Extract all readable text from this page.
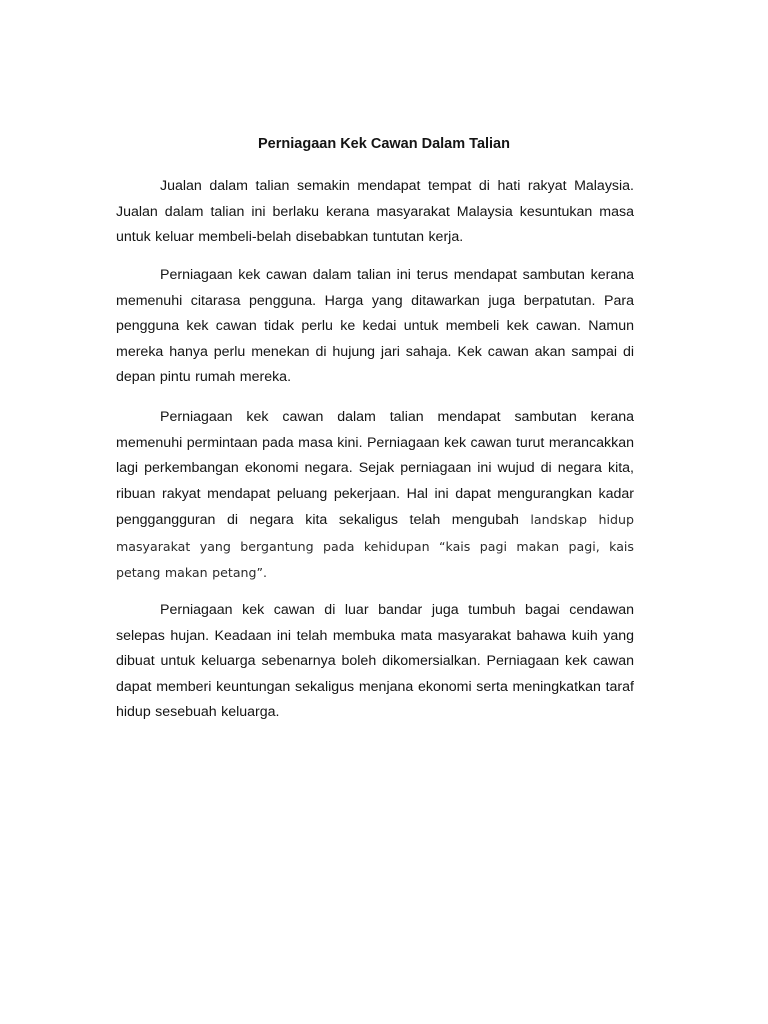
Perniagaan Kek Cawan Dalam Talian

Jualan dalam talian semakin mendapat tempat di hati rakyat Malaysia. Jualan dalam talian ini berlaku kerana masyarakat Malaysia kesuntukan masa untuk keluar membeli-belah disebabkan tuntutan kerja.

Perniagaan kek cawan dalam talian ini terus mendapat sambutan kerana memenuhi citarasa pengguna. Harga yang ditawarkan juga berpatutan. Para pengguna kek cawan tidak perlu ke kedai untuk membeli kek cawan. Namun mereka hanya perlu menekan di hujung jari sahaja. Kek cawan akan sampai di depan pintu rumah mereka.

Perniagaan kek cawan dalam talian mendapat sambutan kerana memenuhi permintaan pada masa kini. Perniagaan kek cawan turut merancakkan lagi perkembangan ekonomi negara. Sejak perniagaan ini wujud di negara kita, ribuan rakyat mendapat peluang pekerjaan. Hal ini dapat mengurangkan kadar penggangguran di negara kita sekaligus telah mengubah landskap hidup masyarakat yang bergantung pada kehidupan “kais pagi makan pagi, kais petang makan petang”.

Perniagaan kek cawan di luar bandar juga tumbuh bagai cendawan selepas hujan. Keadaan ini telah membuka mata masyarakat bahawa kuih yang dibuat untuk keluarga sebenarnya boleh dikomersialkan. Perniagaan kek cawan dapat memberi keuntungan sekaligus menjana ekonomi serta meningkatkan taraf hidup sesebuah keluarga.
